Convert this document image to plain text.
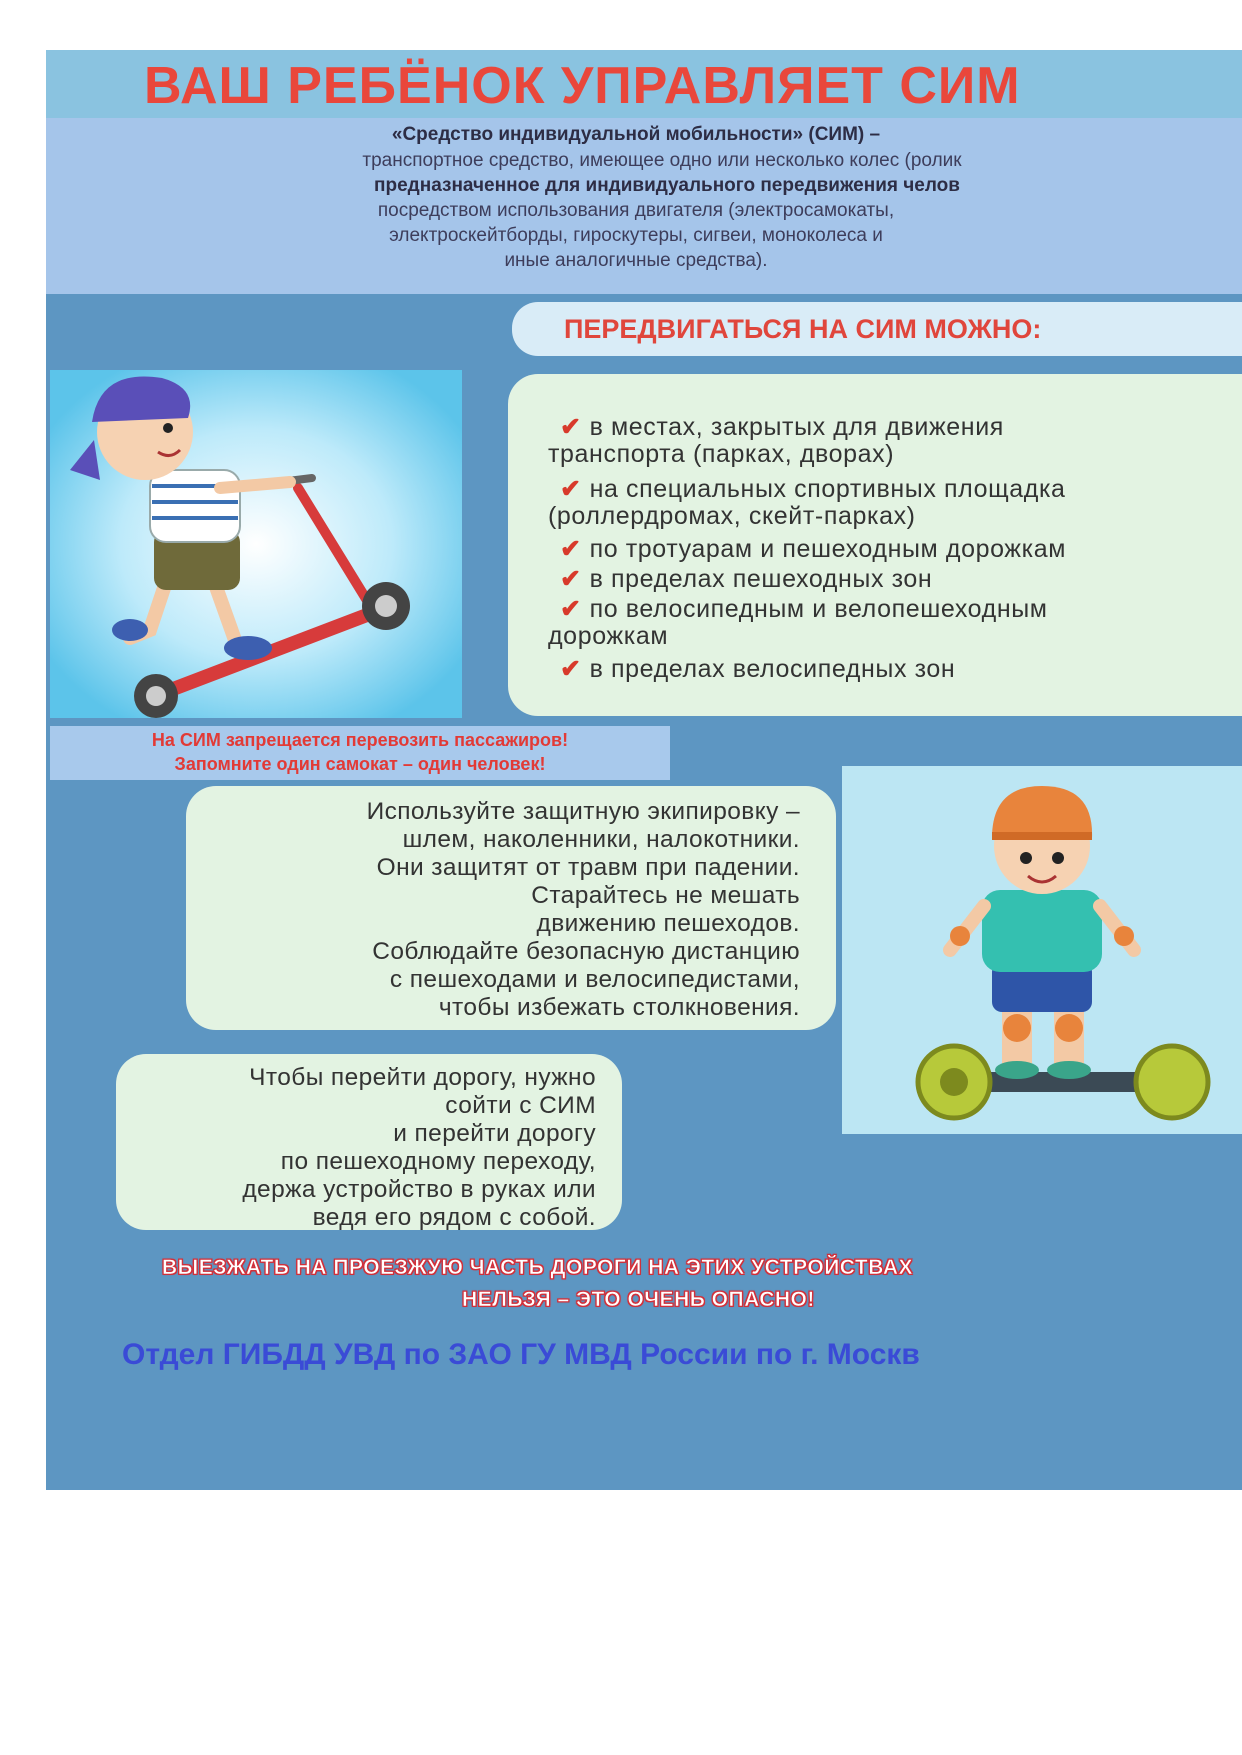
ВАШ РЕБЁНОК УПРАВЛЯЕТ СИМ
«Средство индивидуальной мобильности» (СИМ) –
транспортное средство, имеющее одно или несколько колес (ролик
предназначенное для индивидуального передвижения челов
посредством использования двигателя (электросамокаты,
электроскейтборды, гироскутеры, сигвеи, моноколеса и
иные аналогичные средства).
ПЕРЕДВИГАТЬСЯ НА СИМ МОЖНО:
✔ в местах, закрытых для движения
транспорта (парках, дворах)
✔ на специальных спортивных площадка
(роллердромах, скейт-парках)
✔ по тротуарам и пешеходным дорожкам
✔ в пределах пешеходных зон
✔ по велосипедным и велопешеходным
дорожкам
✔ в пределах велосипедных зон
На СИМ запрещается перевозить пассажиров!
Запомните один самокат – один человек!
Используйте защитную экипировку –
шлем, наколенники, налокотники.
Они защитят от травм при падении.
Старайтесь не мешать
движению пешеходов.
Соблюдайте безопасную дистанцию
с пешеходами и велосипедистами,
чтобы избежать столкновения.
Чтобы перейти дорогу, нужно
сойти с СИМ
и перейти дорогу
по пешеходному переходу,
держа устройство в руках или
ведя его рядом с собой.
ВЫЕЗЖАТЬ НА ПРОЕЗЖУЮ ЧАСТЬ ДОРОГИ НА ЭТИХ УСТРОЙСТВАХ
НЕЛЬЗЯ – ЭТО ОЧЕНЬ ОПАСНО!
Отдел ГИБДД УВД по ЗАО ГУ МВД России по г. Москв
